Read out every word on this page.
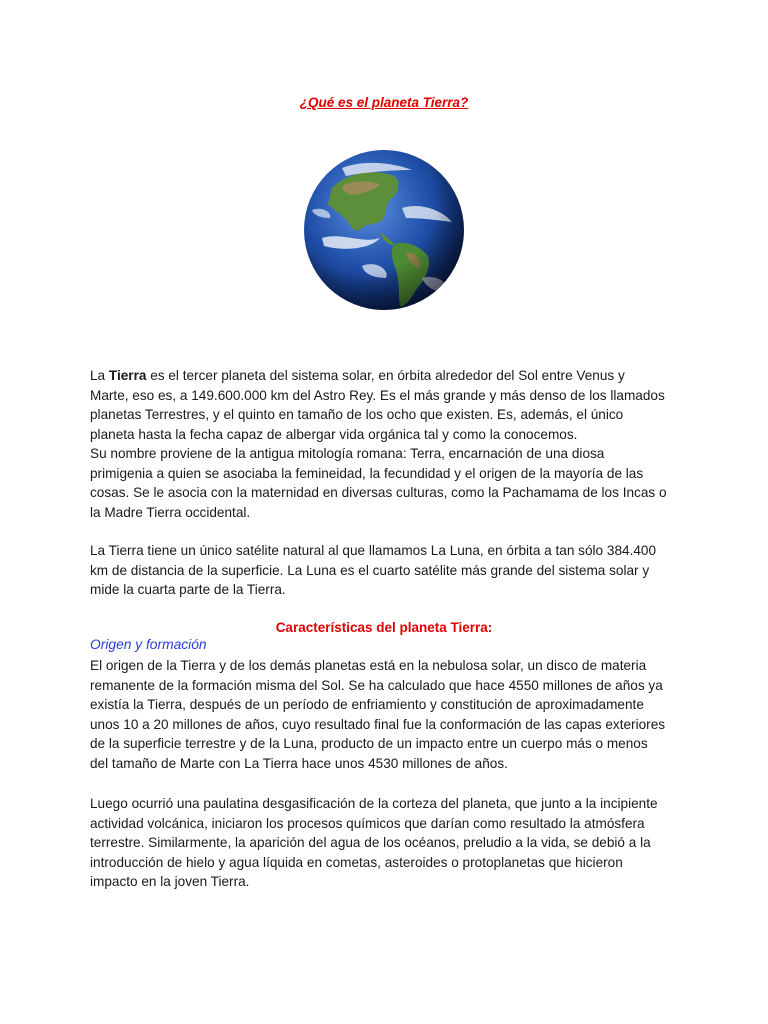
¿Qué es el planeta Tierra?

La Tierra es el tercer planeta del sistema solar, en órbita alrededor del Sol entre Venus y
Marte, eso es, a 149.600.000 km del Astro Rey. Es el más grande y más denso de los llamados
planetas Terrestres, y el quinto en tamaño de los ocho que existen. Es, además, el único
planeta hasta la fecha capaz de albergar vida orgánica tal y como la conocemos.
Su nombre proviene de la antigua mitología romana: Terra, encarnación de una diosa
primigenia a quien se asociaba la femineidad, la fecundidad y el origen de la mayoría de las
cosas. Se le asocia con la maternidad en diversas culturas, como la Pachamama de los Incas o
la Madre Tierra occidental.

La Tierra tiene un único satélite natural al que llamamos La Luna, en órbita a tan sólo 384.400
km de distancia de la superficie. La Luna es el cuarto satélite más grande del sistema solar y
mide la cuarta parte de la Tierra.

Características del planeta Tierra:
Origen y formación

El origen de la Tierra y de los demás planetas está en la nebulosa solar, un disco de materia
remanente de la formación misma del Sol. Se ha calculado que hace 4550 millones de años ya
existía la Tierra, después de un período de enfriamiento y constitución de aproximadamente
unos 10 a 20 millones de años, cuyo resultado final fue la conformación de las capas exteriores
de la superficie terrestre y de la Luna, producto de un impacto entre un cuerpo más o menos
del tamaño de Marte con La Tierra hace unos 4530 millones de años.

Luego ocurrió una paulatina desgasificación de la corteza del planeta, que junto a la incipiente
actividad volcánica, iniciaron los procesos químicos que darían como resultado la atmósfera
terrestre. Similarmente, la aparición del agua de los océanos, preludio a la vida, se debió a la
introducción de hielo y agua líquida en cometas, asteroides o protoplanetas que hicieron
impacto en la joven Tierra.
